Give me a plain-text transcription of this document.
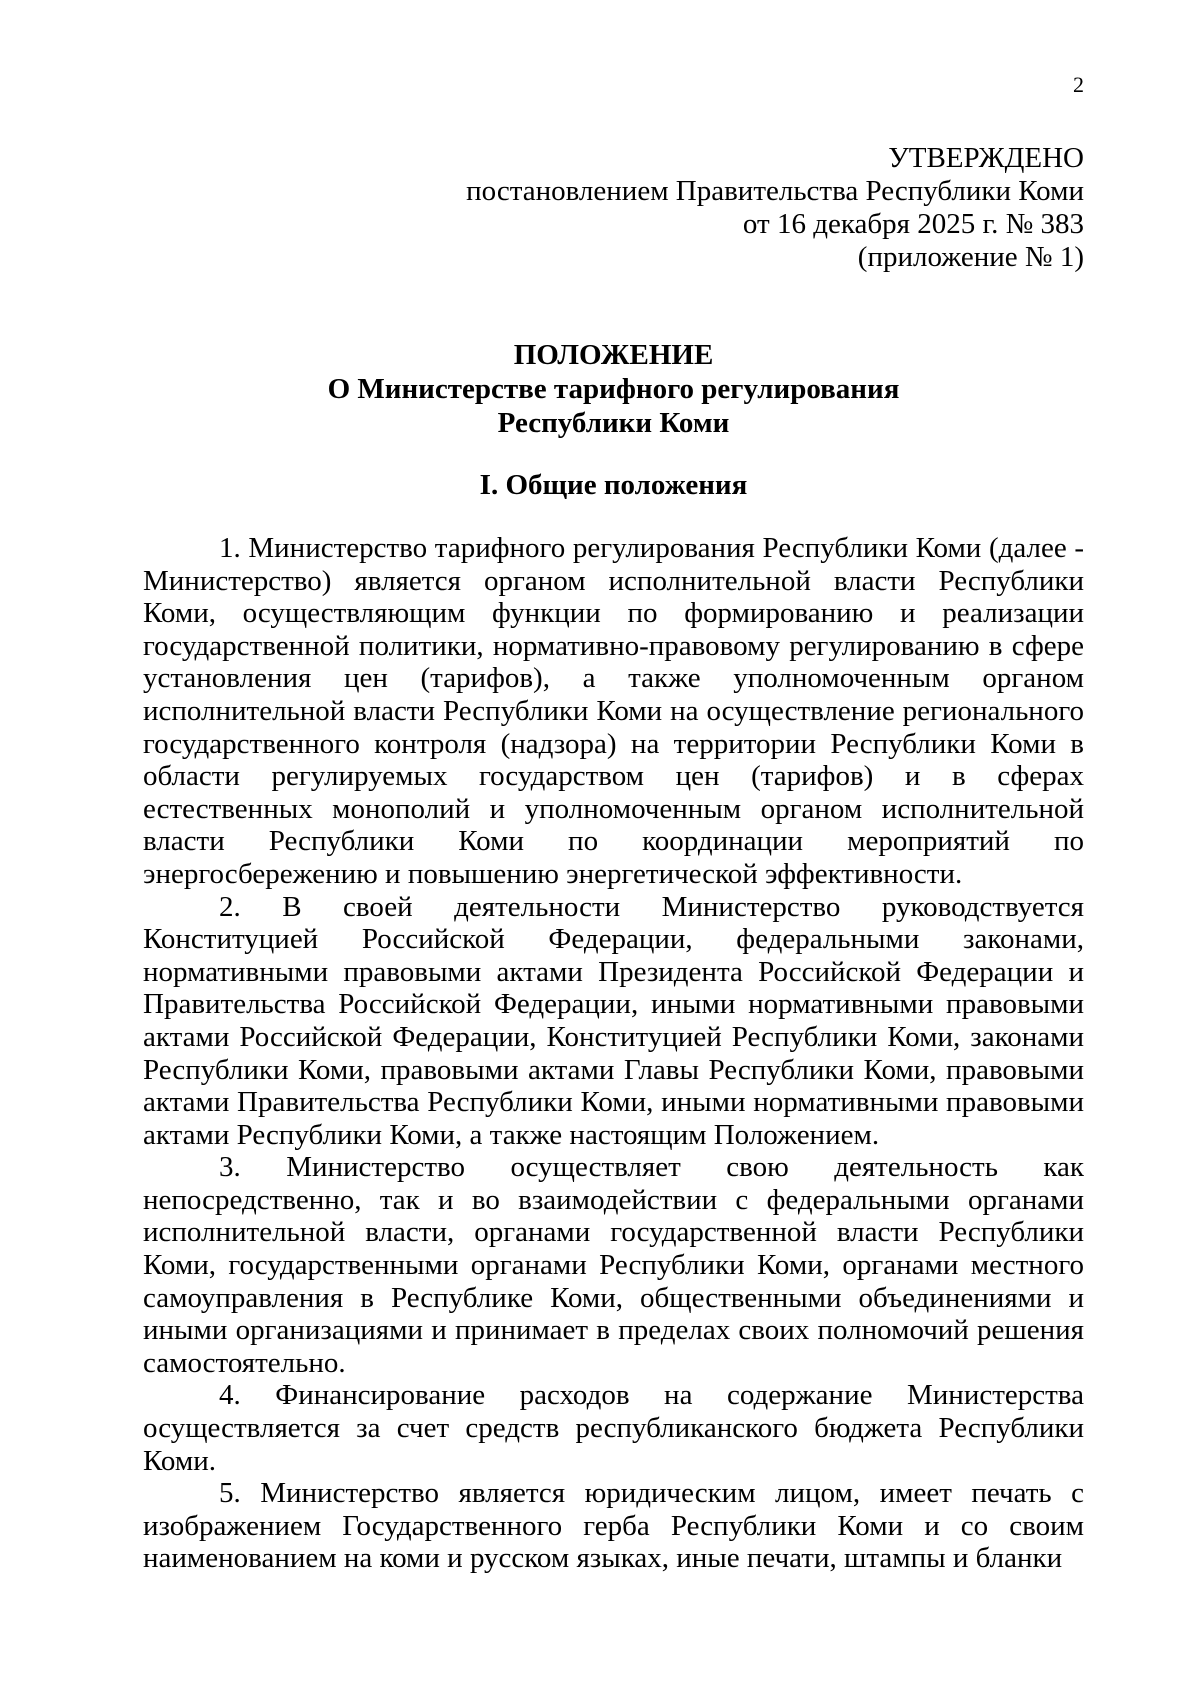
2
УТВЕРЖДЕНО
постановлением Правительства Республики Коми
от 16 декабря 2025 г. № 383
(приложение № 1)
ПОЛОЖЕНИЕ
О Министерстве тарифного регулирования
Республики Коми
I. Общие положения

1. Министерство тарифного регулирования Республики Коми (далее - Министерство) является органом исполнительной власти Республики Коми, осуществляющим функции по формированию и реализации государственной политики, нормативно-правовому регулированию в сфере установления цен (тарифов), а также уполномоченным органом исполнительной власти Республики Коми на осуществление регионального государственного контроля (надзора) на территории Республики Коми в области регулируемых государством цен (тарифов) и в сферах естественных монополий и уполномоченным органом исполнительной власти Республики Коми по координации мероприятий по энергосбережению и повышению энергетической эффективности.

2. В своей деятельности Министерство руководствуется Конституцией Российской Федерации, федеральными законами, нормативными правовыми актами Президента Российской Федерации и Правительства Российской Федерации, иными нормативными правовыми актами Российской Федерации, Конституцией Республики Коми, законами Республики Коми, правовыми актами Главы Республики Коми, правовыми актами Правительства Республики Коми, иными нормативными правовыми актами Республики Коми, а также настоящим Положением.

3. Министерство осуществляет свою деятельность как непосредственно, так и во взаимодействии с федеральными органами исполнительной власти, органами государственной власти Республики Коми, государственными органами Республики Коми, органами местного самоуправления в Республике Коми, общественными объединениями и иными организациями и принимает в пределах своих полномочий решения самостоятельно.

4. Финансирование расходов на содержание Министерства осуществляется за счет средств республиканского бюджета Республики Коми.

5. Министерство является юридическим лицом, имеет печать с изображением Государственного герба Республики Коми и со своим наименованием на коми и русском языках, иные печати, штампы и бланки
